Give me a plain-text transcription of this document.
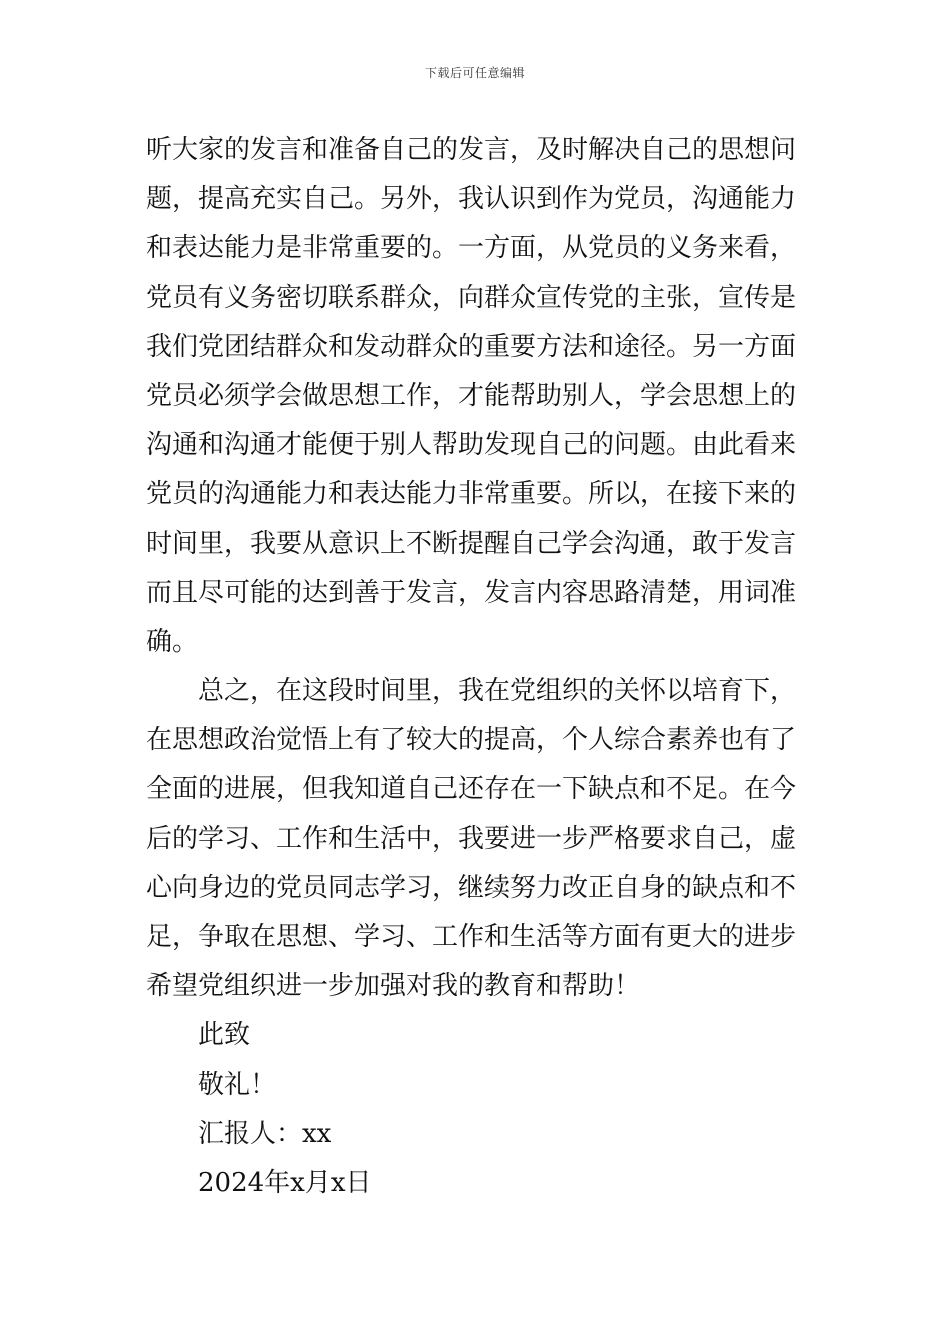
下载后可任意编辑
听大家的发言和准备自己的发言，及时解决自己的思想问
题，提高充实自己。另外，我认识到作为党员，沟通能力
和表达能力是非常重要的。一方面，从党员的义务来看，
党员有义务密切联系群众，向群众宣传党的主张，宣传是
我们党团结群众和发动群众的重要方法和途径。另一方面
党员必须学会做思想工作，才能帮助别人，学会思想上的
沟通和沟通才能便于别人帮助发现自己的问题。由此看来
党员的沟通能力和表达能力非常重要。所以，在接下来的
时间里，我要从意识上不断提醒自己学会沟通，敢于发言
而且尽可能的达到善于发言，发言内容思路清楚，用词准
确。
总之，在这段时间里，我在党组织的关怀以培育下，
在思想政治觉悟上有了较大的提高，个人综合素养也有了
全面的进展，但我知道自己还存在一下缺点和不足。在今
后的学习、工作和生活中，我要进一步严格要求自己，虚
心向身边的党员同志学习，继续努力改正自身的缺点和不
足，争取在思想、学习、工作和生活等方面有更大的进步
希望党组织进一步加强对我的教育和帮助！
此致
敬礼！
汇报人：xx
2024年x月x日
